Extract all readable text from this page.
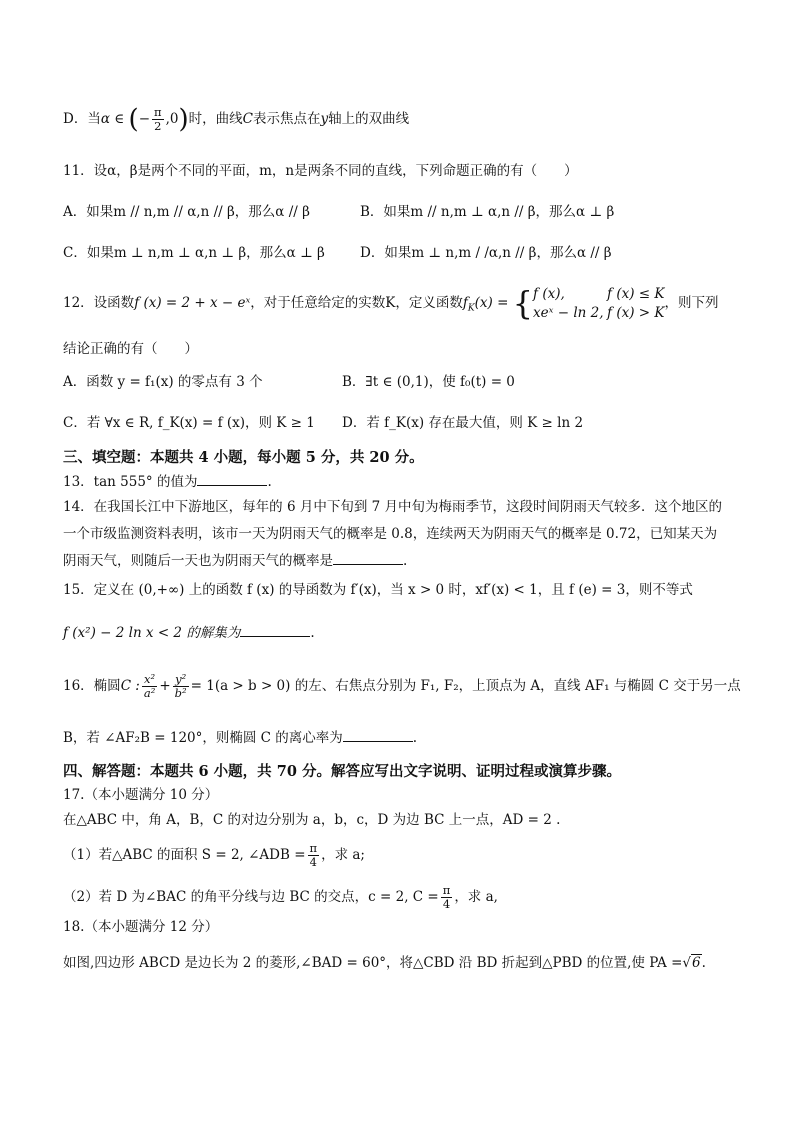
D．当α ∈ (− $\frac{\pi}{2} ,0$)时，曲线C表示焦点在y轴上的双曲线
11．设α，β是两个不同的平面，m，n是两条不同的直线，下列命题正确的有（　　）
A．如果m // n,m // α,n // β，那么α // β	B．如果m // n,m ⊥ α,n // β，那么α ⊥ β
C．如果m ⊥ n,m ⊥ α,n ⊥ β，那么α ⊥ β	D．如果m ⊥ n,m / /α,n // β，那么α // β
12．设函数f (x) = 2 + x − eˣ，对于任意给定的实数K，定义函数$f_K(x)$ = { f (x),	f (x) ≤ K
xeˣ − ln 2, f (x) > K
，则下列
结论正确的有（　　）
A．函数 y = f₁(x) 的零点有 3 个	B．∃t ∈ (0,1)，使 f₀(t) = 0
C．若 ∀x ∈ R, f_K(x) = f (x)，则 K ≥ 1 D．若 f_K(x) 存在最大值，则 K ≥ ln 2
三、填空题：本题共 4 小题，每小题 5 分，共 20 分。
13．tan 555° 的值为	.
14．在我国长江中下游地区，每年的 6 月中下旬到 7 月中旬为梅雨季节，这段时间阴雨天气较多．这个地区的
一个市级监测资料表明，该市一天为阴雨天气的概率是 0.8，连续两天为阴雨天气的概率是 0.72，已知某天为
阴雨天气，则随后一天也为阴雨天气的概率是	.
15．定义在 (0,+∞) 上的函数 f (x) 的导函数为 f′(x)，当 x > 0 时，xf′(x) < 1，且 f (e) = 3，则不等式
f (x²) − 2 ln x < 2 的解集为	.
16．椭圆C : $\frac{\text{x²}}{\text{a²}} + \frac{\text{y²}}{\text{b²}} = 1(a > b > 0)$ 的左、右焦点分别为 F₁, F₂，上顶点为 A，直线 AF₁ 与椭圆 C 交于另一点
B，若 ∠AF₂B = 120°，则椭圆 C 的离心率为	.
四、解答题：本题共 6 小题，共 70 分。解答应写出文字说明、证明过程或演算步骤。
17.（本小题满分 10 分）
在△ABC 中，角 A，B，C 的对边分别为 a，b，c，D 为边 BC 上一点，AD = 2 .
（1）若△ABC 的面积 S = 2, ∠ADB = $\frac{\pi}{4}$ ，求 a;
（2）若 D 为∠BAC 的角平分线与边 BC 的交点，c = 2, $C = \frac{\pi}{4}$ ，求 a,
18.（本小题满分 12 分）
如图,四边形 ABCD 是边长为 2 的菱形,∠BAD = 60°，将△CBD 沿 BD 折起到△PBD 的位置,使 PA =√6.
